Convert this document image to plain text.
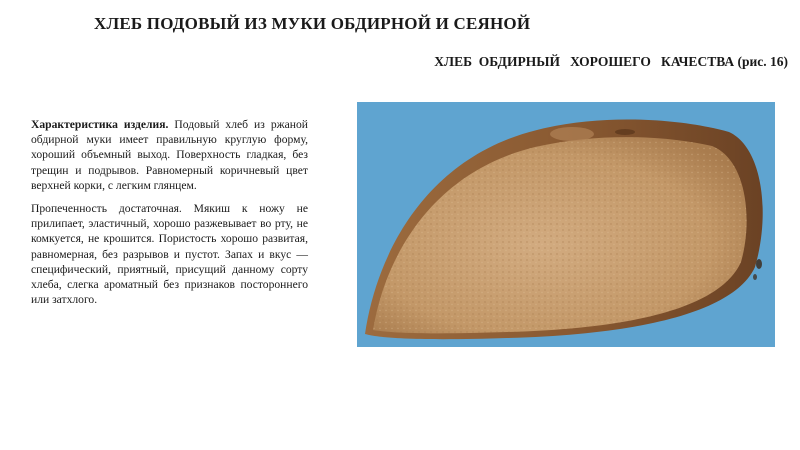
ХЛЕБ ПОДОВЫЙ ИЗ МУКИ ОБДИРНОЙ И СЕЯНОЙ
ХЛЕБ  ОБДИРНЫЙ   ХОРОШЕГО   КАЧЕСТВА (рис. 16)

Характеристика изделия. Подовый хлеб из ржаной обдирной муки имеет правильную круглую форму, хороший объемный выход. Поверхность гладкая, без трещин и подрывов. Равномерный коричневый цвет верхней корки, с легким глянцем.

Пропеченность достаточная. Мякиш к ножу не прилипает, эластичный, хорошо разжевывает во рту, не комкуется, не крошится. Пористость хорошо развитая, равномерная, без разрывов и пустот. Запах и вкус — специфический, приятный, присущий данному сорту хлеба, слегка ароматный без признаков постороннего или затхлого.
